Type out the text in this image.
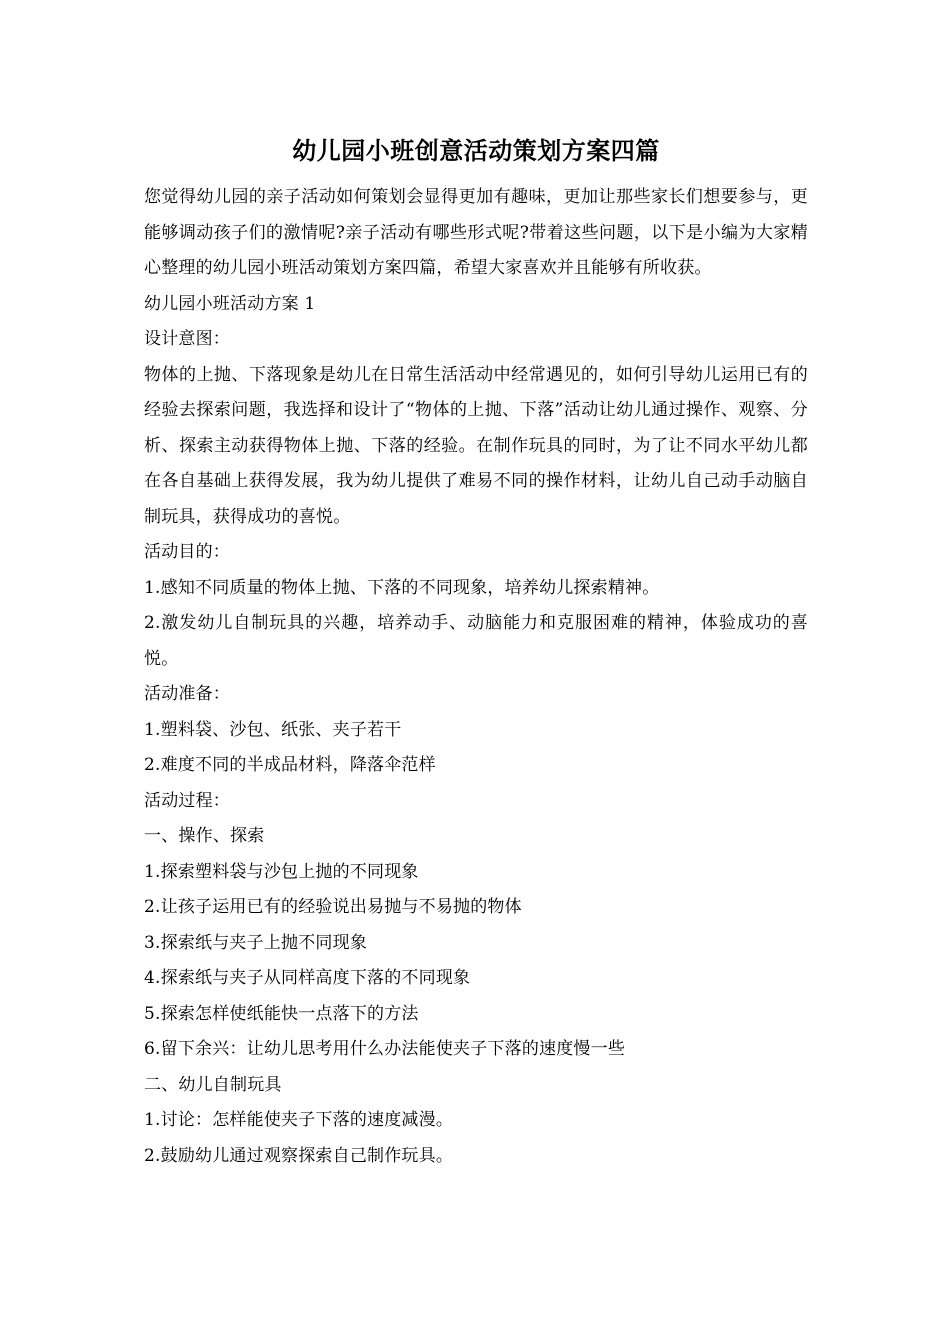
幼儿园小班创意活动策划方案四篇

您觉得幼儿园的亲子活动如何策划会显得更加有趣味，更加让那些家长们想要参与，更能够调动孩子们的激情呢?亲子活动有哪些形式呢?带着这些问题，以下是小编为大家精心整理的幼儿园小班活动策划方案四篇，希望大家喜欢并且能够有所收获。

幼儿园小班活动方案 1

设计意图：

物体的上抛、下落现象是幼儿在日常生活活动中经常遇见的，如何引导幼儿运用已有的经验去探索问题，我选择和设计了“物体的上抛、下落”活动让幼儿通过操作、观察、分析、探索主动获得物体上抛、下落的经验。在制作玩具的同时，为了让不同水平幼儿都在各自基础上获得发展，我为幼儿提供了难易不同的操作材料，让幼儿自己动手动脑自制玩具，获得成功的喜悦。

活动目的：

1.感知不同质量的物体上抛、下落的不同现象，培养幼儿探索精神。

2.激发幼儿自制玩具的兴趣，培养动手、动脑能力和克服困难的精神，体验成功的喜悦。

活动准备：

1.塑料袋、沙包、纸张、夹子若干

2.难度不同的半成品材料，降落伞范样

活动过程：

一、操作、探索

1.探索塑料袋与沙包上抛的不同现象

2.让孩子运用已有的经验说出易抛与不易抛的物体

3.探索纸与夹子上抛不同现象

4.探索纸与夹子从同样高度下落的不同现象

5.探索怎样使纸能快一点落下的方法

6.留下余兴：让幼儿思考用什么办法能使夹子下落的速度慢一些

二、幼儿自制玩具

1.讨论：怎样能使夹子下落的速度减漫。

2.鼓励幼儿通过观察探索自己制作玩具。
